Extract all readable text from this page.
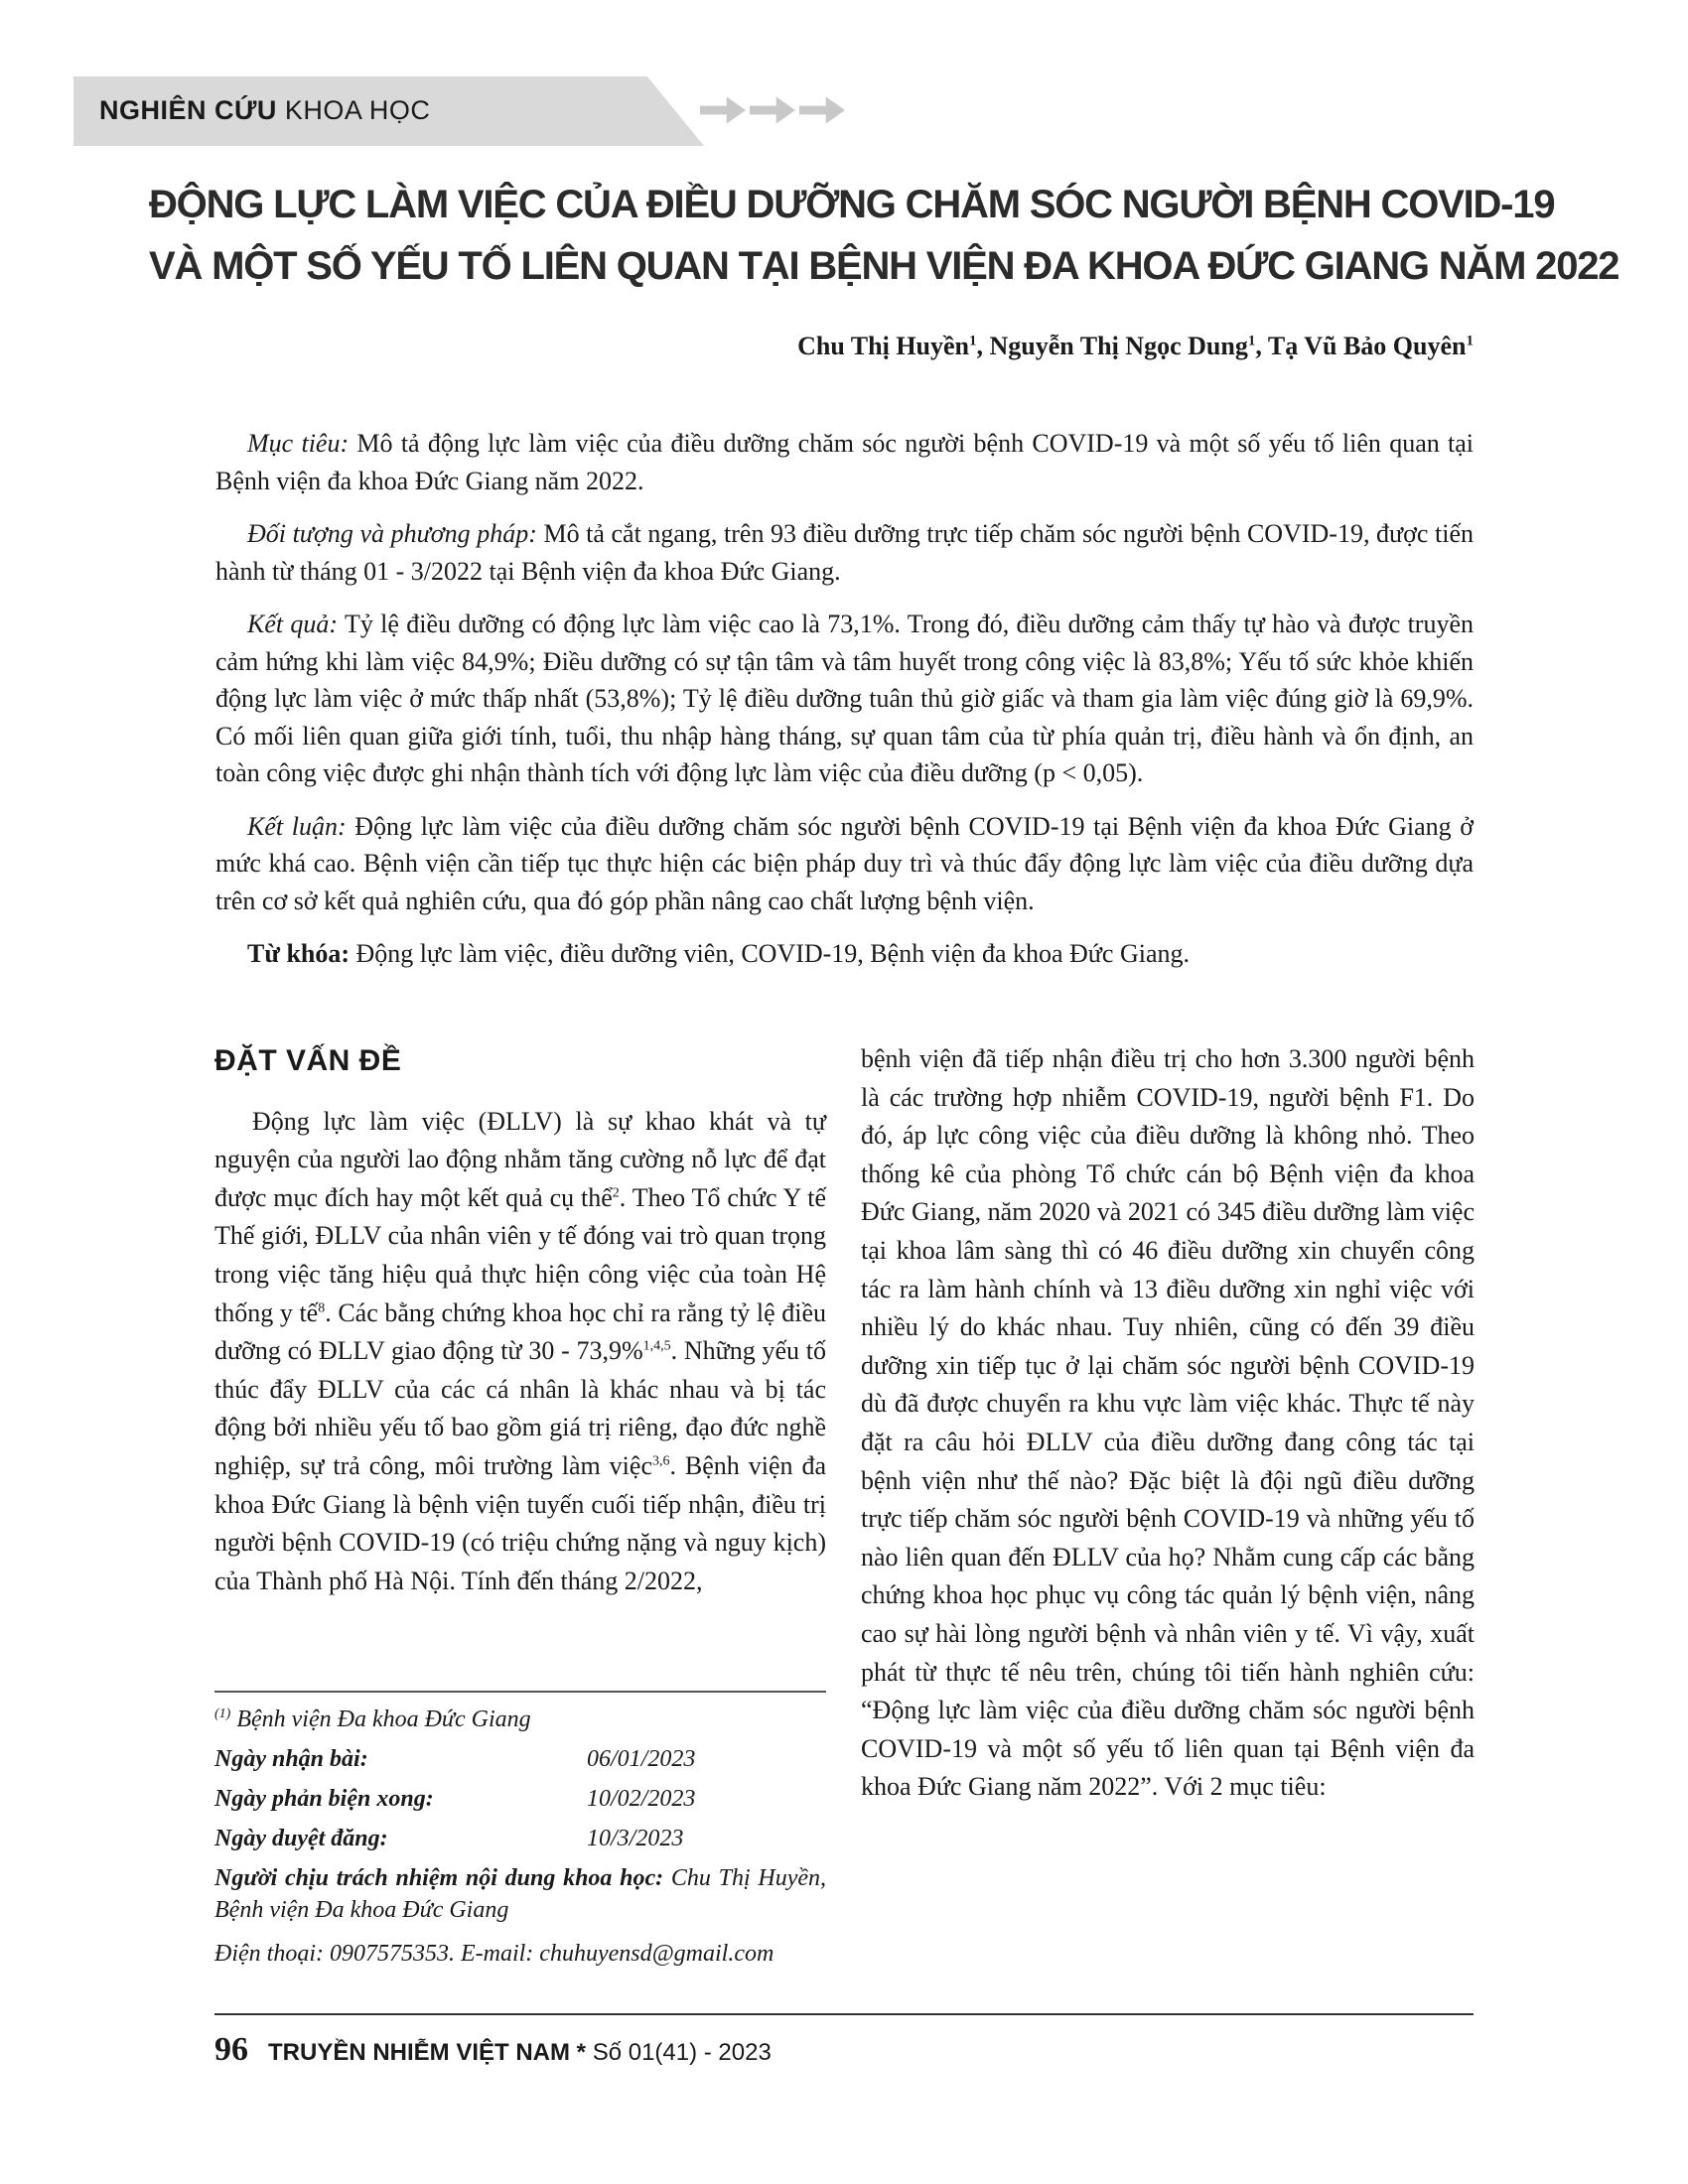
NGHIÊN CỨU KHOA HỌC
ĐỘNG LỰC LÀM VIỆC CỦA ĐIỀU DƯỠNG CHĂM SÓC NGƯỜI BỆNH COVID-19
VÀ MỘT SỐ YẾU TỐ LIÊN QUAN TẠI BỆNH VIỆN ĐA KHOA ĐỨC GIANG NĂM 2022
Chu Thị Huyền$^1$, Nguyễn Thị Ngọc Dung$^1$, Tạ Vũ Bảo Quyên$^1$

Mục tiêu: Mô tả động lực làm việc của điều dưỡng chăm sóc người bệnh COVID-19 và một số yếu tố liên quan tại Bệnh viện đa khoa Đức Giang năm 2022.

Đối tượng và phương pháp: Mô tả cắt ngang, trên 93 điều dưỡng trực tiếp chăm sóc người bệnh COVID-19, được tiến hành từ tháng 01 - 3/2022 tại Bệnh viện đa khoa Đức Giang.

Kết quả: Tỷ lệ điều dưỡng có động lực làm việc cao là 73,1%. Trong đó, điều dưỡng cảm thấy tự hào và được truyền cảm hứng khi làm việc 84,9%; Điều dưỡng có sự tận tâm và tâm huyết trong công việc là 83,8%; Yếu tố sức khỏe khiến động lực làm việc ở mức thấp nhất (53,8%); Tỷ lệ điều dưỡng tuân thủ giờ giấc và tham gia làm việc đúng giờ là 69,9%. Có mối liên quan giữa giới tính, tuổi, thu nhập hàng tháng, sự quan tâm của từ phía quản trị, điều hành và ổn định, an toàn công việc được ghi nhận thành tích với động lực làm việc của điều dưỡng (p < 0,05).

Kết luận: Động lực làm việc của điều dưỡng chăm sóc người bệnh COVID-19 tại Bệnh viện đa khoa Đức Giang ở mức khá cao. Bệnh viện cần tiếp tục thực hiện các biện pháp duy trì và thúc đẩy động lực làm việc của điều dưỡng dựa trên cơ sở kết quả nghiên cứu, qua đó góp phần nâng cao chất lượng bệnh viện.

Từ khóa: Động lực làm việc, điều dưỡng viên, COVID-19, Bệnh viện đa khoa Đức Giang.

ĐẶT VẤN ĐỀ

Động lực làm việc (ĐLLV) là sự khao khát và tự nguyện của người lao động nhằm tăng cường nỗ lực để đạt được mục đích hay một kết quả cụ thể$^2$. Theo Tổ chức Y tế Thế giới, ĐLLV của nhân viên y tế đóng vai trò quan trọng trong việc tăng hiệu quả thực hiện công việc của toàn Hệ thống y tế$^8$. Các bằng chứng khoa học chỉ ra rằng tỷ lệ điều dưỡng có ĐLLV giao động từ 30 - 73,9%$^{1,4,5}$. Những yếu tố thúc đẩy ĐLLV của các cá nhân là khác nhau và bị tác động bởi nhiều yếu tố bao gồm giá trị riêng, đạo đức nghề nghiệp, sự trả công, môi trường làm việc$^{3,6}$. Bệnh viện đa khoa Đức Giang là bệnh viện tuyến cuối tiếp nhận, điều trị người bệnh COVID-19 (có triệu chứng nặng và nguy kịch) của Thành phố Hà Nội. Tính đến tháng 2/2022,

bệnh viện đã tiếp nhận điều trị cho hơn 3.300 người bệnh là các trường hợp nhiễm COVID-19, người bệnh F1. Do đó, áp lực công việc của điều dưỡng là không nhỏ. Theo thống kê của phòng Tổ chức cán bộ Bệnh viện đa khoa Đức Giang, năm 2020 và 2021 có 345 điều dưỡng làm việc tại khoa lâm sàng thì có 46 điều dưỡng xin chuyển công tác ra làm hành chính và 13 điều dưỡng xin nghỉ việc với nhiều lý do khác nhau. Tuy nhiên, cũng có đến 39 điều dưỡng xin tiếp tục ở lại chăm sóc người bệnh COVID-19 dù đã được chuyển ra khu vực làm việc khác. Thực tế này đặt ra câu hỏi ĐLLV của điều dưỡng đang công tác tại bệnh viện như thế nào? Đặc biệt là đội ngũ điều dưỡng trực tiếp chăm sóc người bệnh COVID-19 và những yếu tố nào liên quan đến ĐLLV của họ? Nhằm cung cấp các bằng chứng khoa học phục vụ công tác quản lý bệnh viện, nâng cao sự hài lòng người bệnh và nhân viên y tế. Vì vậy, xuất phát từ thực tế nêu trên, chúng tôi tiến hành nghiên cứu: “Động lực làm việc của điều dưỡng chăm sóc người bệnh COVID-19 và một số yếu tố liên quan tại Bệnh viện đa khoa Đức Giang năm 2022”. Với 2 mục tiêu:

$^{(1)}$ Bệnh viện Đa khoa Đức Giang
Ngày nhận bài:	06/01/2023
Ngày phản biện xong:	10/02/2023
Ngày duyệt đăng:	10/3/2023
Người chịu trách nhiệm nội dung khoa học: Chu Thị Huyền, Bệnh viện Đa khoa Đức Giang
Điện thoại: 0907575353. E-mail: chuhuyensd@gmail.com
96 TRUYỀN NHIỄM VIỆT NAM * Số 01(41) - 2023
